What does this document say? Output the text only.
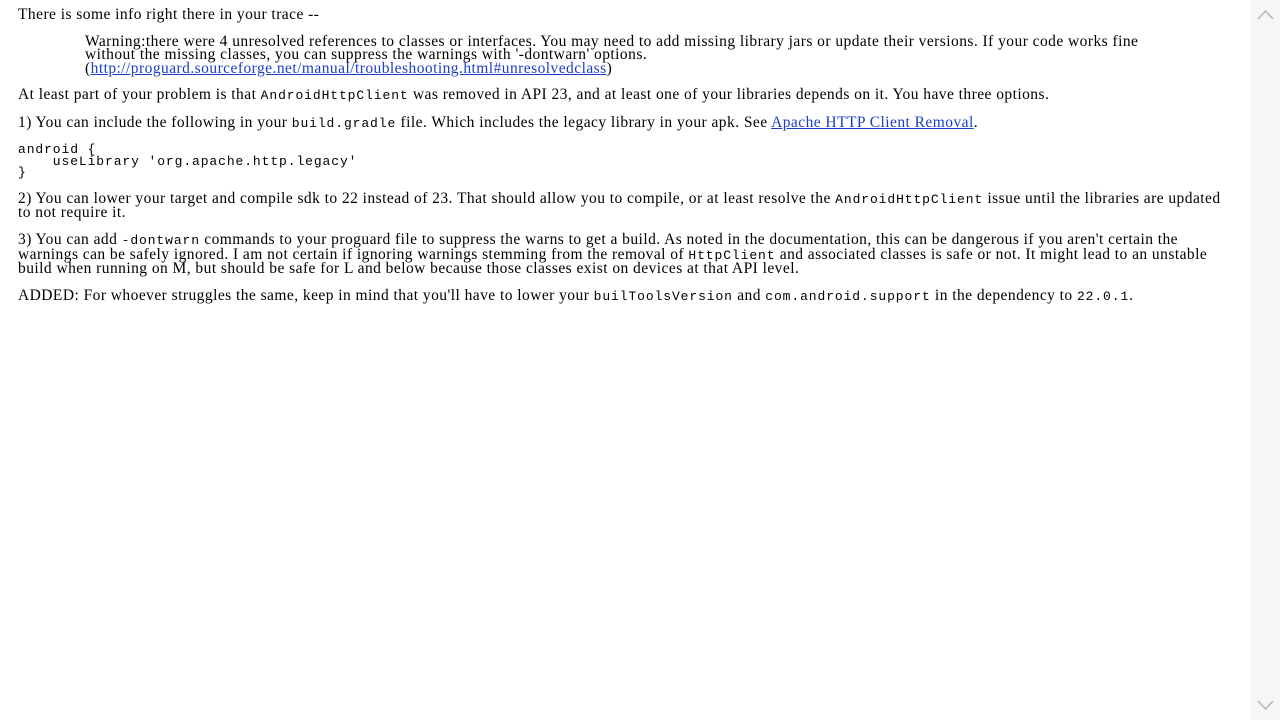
There is some info right there in your trace --

Warning:there were 4 unresolved references to classes or interfaces. You may need to add missing library jars or update their versions. If your code works fine without the missing classes, you can suppress the warnings with '-dontwarn' options.
(http://proguard.sourceforge.net/manual/troubleshooting.html#unresolvedclass)

At least part of your problem is that AndroidHttpClient was removed in API 23, and at least one of your libraries depends on it. You have three options.

1) You can include the following in your build.gradle file. Which includes the legacy library in your apk. See Apache HTTP Client Removal.

android {
useLibrary 'org.apache.http.legacy'
}

2) You can lower your target and compile sdk to 22 instead of 23. That should allow you to compile, or at least resolve the AndroidHttpClient issue until the libraries are updated to not require it.

3) You can add -dontwarn commands to your proguard file to suppress the warns to get a build. As noted in the documentation, this can be dangerous if you aren't certain the warnings can be safely ignored. I am not certain if ignoring warnings stemming from the removal of HttpClient and associated classes is safe or not. It might lead to an unstable build when running on M, but should be safe for L and below because those classes exist on devices at that API level.

ADDED: For whoever struggles the same, keep in mind that you'll have to lower your builToolsVersion and com.android.support in the dependency to 22.0.1.
